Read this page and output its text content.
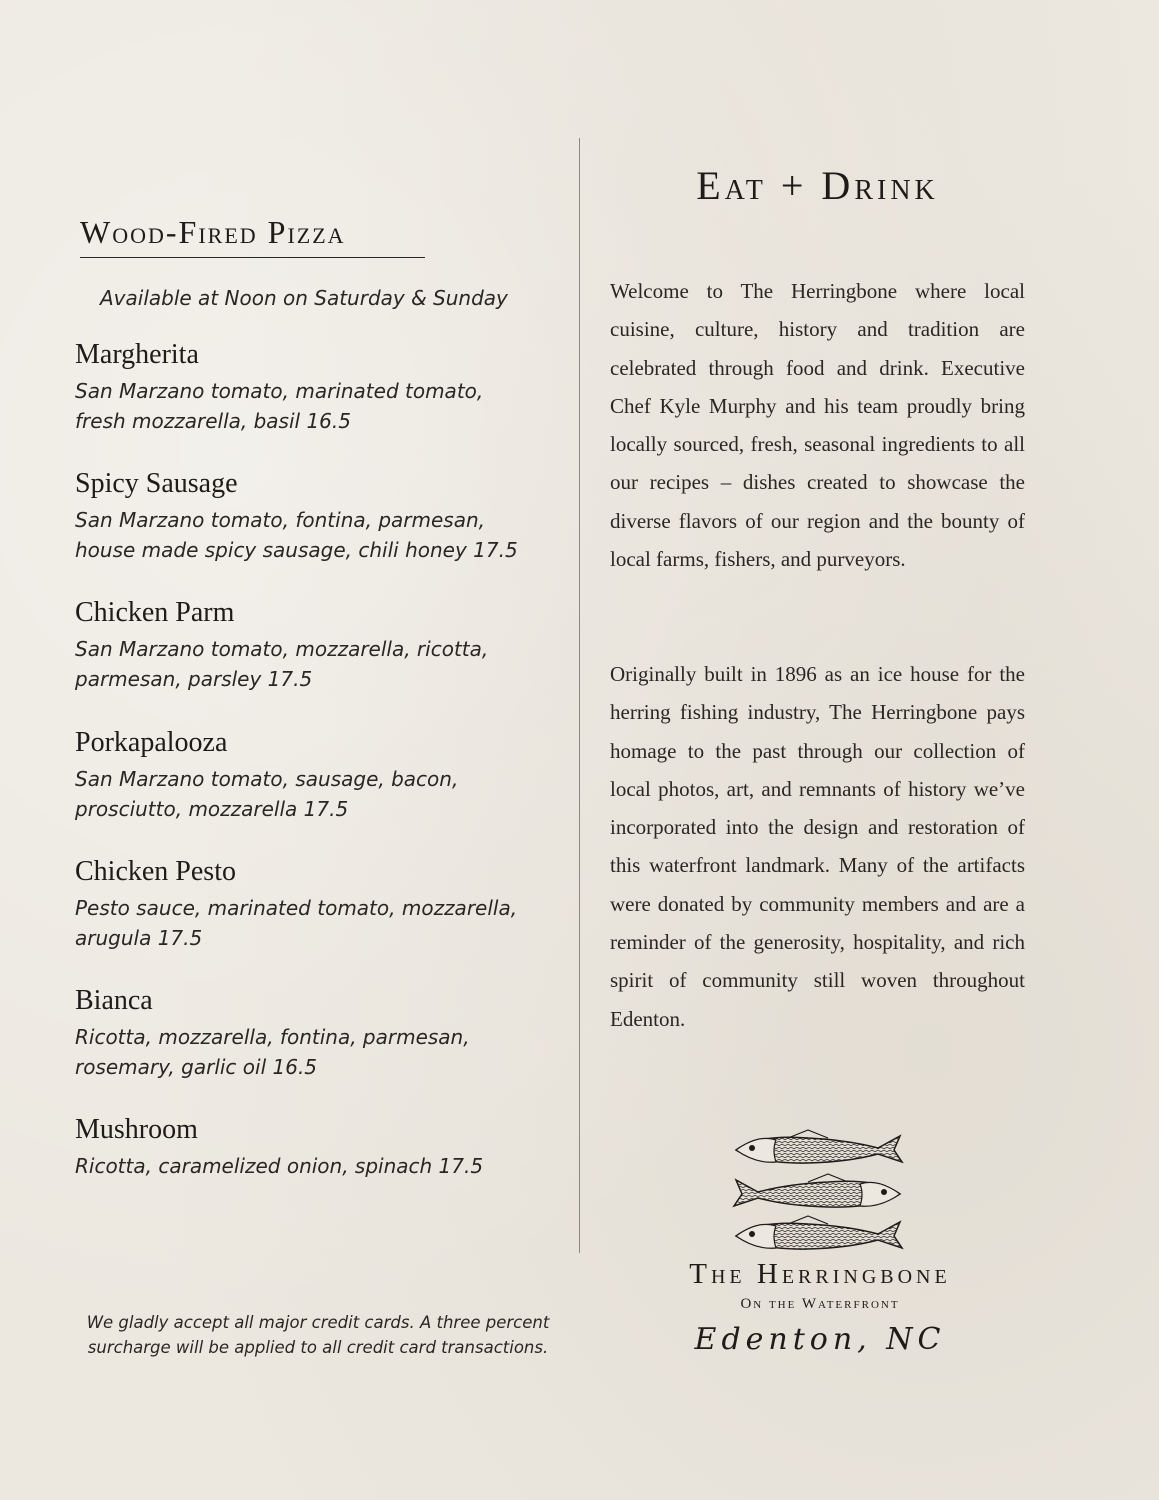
Wood-Fired Pizza
Available at Noon on Saturday & Sunday
Margherita
San Marzano tomato, marinated tomato,
fresh mozzarella, basil 16.5
Spicy Sausage
San Marzano tomato, fontina, parmesan,
house made spicy sausage, chili honey 17.5
Chicken Parm
San Marzano tomato, mozzarella, ricotta,
parmesan, parsley 17.5
Porkapalooza
San Marzano tomato, sausage, bacon,
prosciutto, mozzarella 17.5
Chicken Pesto
Pesto sauce, marinated tomato, mozzarella,
arugula 17.5
Bianca
Ricotta, mozzarella, fontina, parmesan,
rosemary, garlic oil 16.5
Mushroom
Ricotta, caramelized onion, spinach 17.5
We gladly accept all major credit cards. A three percent surcharge will be applied to all credit card transactions.
Eat + Drink
Welcome to The Herringbone where local cuisine, culture, history and tradition are celebrated through food and drink. Executive Chef Kyle Murphy and his team proudly bring locally sourced, fresh, seasonal ingredients to all our recipes – dishes created to showcase the diverse flavors of our region and the bounty of local farms, fishers, and purveyors.
Originally built in 1896 as an ice house for the herring fishing industry, The Herringbone pays homage to the past through our collection of local photos, art, and remnants of history we’ve incorporated into the design and restoration of this waterfront landmark. Many of the artifacts were donated by community members and are a reminder of the generosity, hospitality, and rich spirit of community still woven throughout Edenton.
The Herringbone
On the Waterfront
Edenton, NC
